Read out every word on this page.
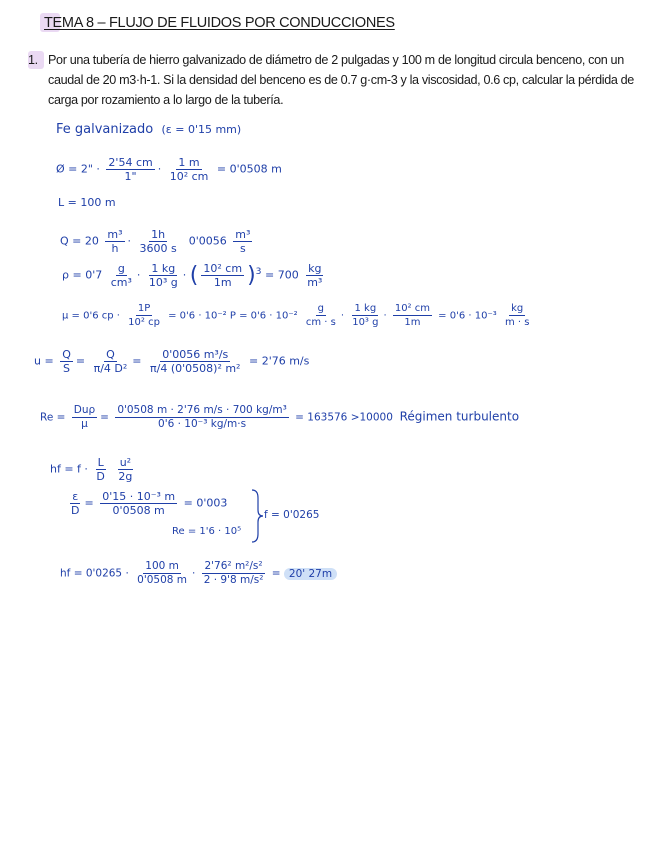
TEMA 8 – FLUJO DE FLUIDOS POR CONDUCCIONES
1. Por una tubería de hierro galvanizado de diámetro de 2 pulgadas y 100 m de longitud circula benceno, con un caudal de 20 m3·h-1. Si la densidad del benceno es de 0.7 g·cm-3 y la viscosidad, 0.6 cp, calcular la pérdida de carga por rozamiento a lo largo de la tubería.
Fe galvanizado (ε = 0'15 mm)
Ø = 2" · $\frac{2'54 cm}{1"} \cdot \frac{1 m}{\text{10² cm}} = 0'0508$ m
L = 100 m
$Q = 20 \frac{\text{m³}}{h} \cdot \frac{1h}{3600 s} 0'0056 \frac{\text{m³}}{s}$
$\rho = 0'7 \frac{g}{\text{cm³}} \cdot \frac{1 kg}{\text{10³ g}}$ · ( $\frac{\text{10² cm}}{1m} )^3 = 700 \frac{kg}{\text{m³}}$
μ = 0'6 cp · $\frac{1P}{\text{10² cp}} = 0'6 \cdot 10^{-2}$ $P = 0'6 \cdot 10^{-2} \frac{g}{cm \cdot s} \cdot \frac{1 kg}{\text{10³ g}} \cdot \frac{\text{10² cm}}{1m} = 0'6 \cdot 10^{-3} \frac{kg}{m \cdot s}$
$u = \frac{Q}{S} = \frac{Q}{\text{π/4 D²}} = \frac{\text{0'0056 m³/s}}{\text{π/4 (0'0508)² m²}} = 2'76$ m/s
$Re = \frac{\text{Duρ}}{\mu} = \frac{\text{0'0508 m · 2'76 m/s · 700 kg/m³}}{\text{0'6 · 10⁻³ kg/m·s}} = 163576 >10000$ Régimen turbulento
hf = $f \cdot \frac{L}{D}$
$\frac{\text{u²}}{2g}$
$\frac{\varepsilon}{D} = \frac{\text{0'15 · 10⁻³ m}}{0'0508 m} = 0'003$
Re = 1'6 · 10⁵
f = 0'0265
hf = $0'0265 \cdot \frac{100 m}{0'0508 m} \cdot \frac{\text{2'76² m²/s²}}{\text{2 · 9'8 m/s²}} = 20'$ 27m
